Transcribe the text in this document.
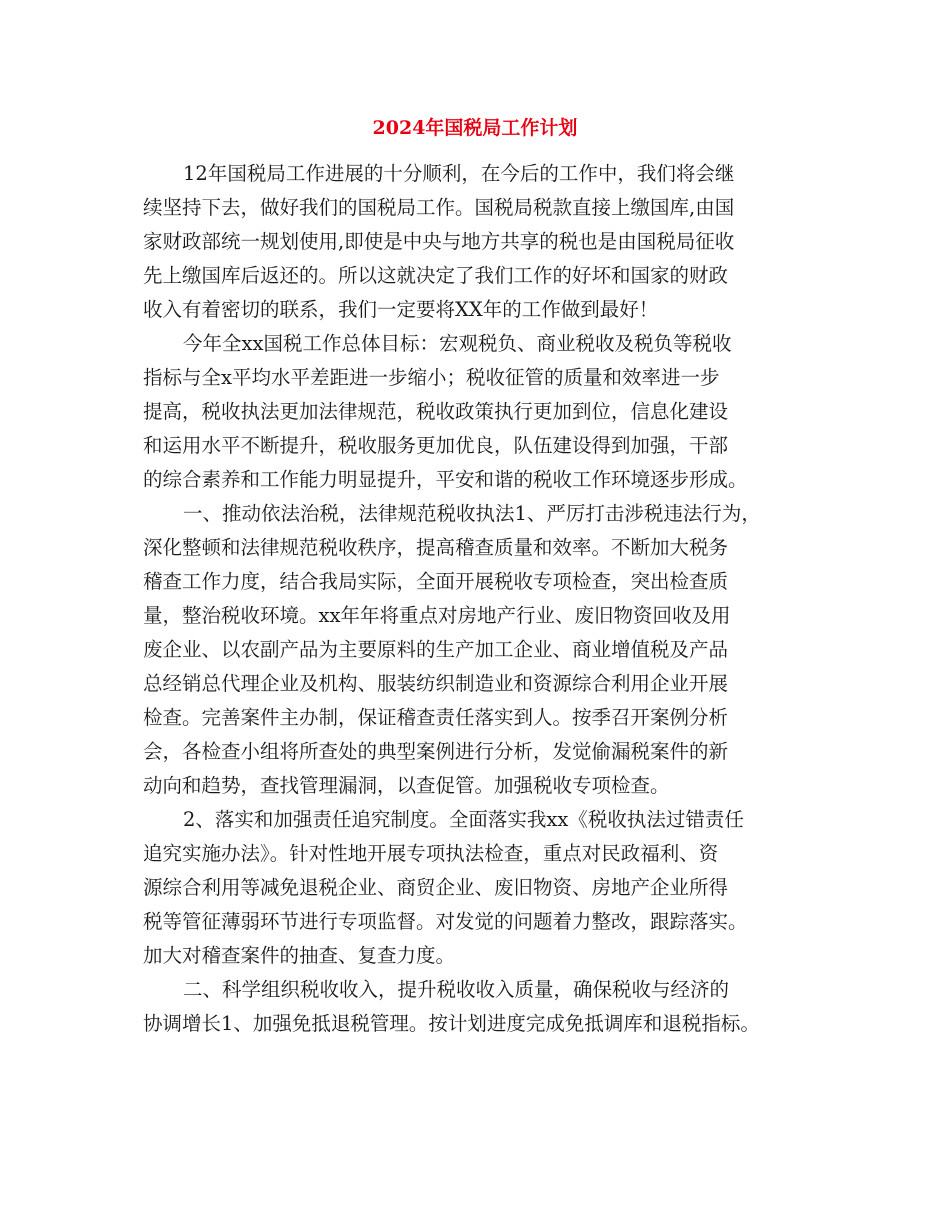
2024年国税局工作计划
12年国税局工作进展的十分顺利，在今后的工作中，我们将会继
续坚持下去，做好我们的国税局工作。国税局税款直接上缴国库,由国
家财政部统一规划使用,即使是中央与地方共享的税也是由国税局征收
先上缴国库后返还的。所以这就决定了我们工作的好坏和国家的财政
收入有着密切的联系，我们一定要将XX年的工作做到最好！
今年全xx国税工作总体目标：宏观税负、商业税收及税负等税收
指标与全x平均水平差距进一步缩小；税收征管的质量和效率进一步
提高，税收执法更加法律规范，税收政策执行更加到位，信息化建设
和运用水平不断提升，税收服务更加优良，队伍建设得到加强，干部
的综合素养和工作能力明显提升，平安和谐的税收工作环境逐步形成。
一、推动依法治税，法律规范税收执法1、严厉打击涉税违法行为，
深化整顿和法律规范税收秩序，提高稽查质量和效率。不断加大税务
稽查工作力度，结合我局实际，全面开展税收专项检查，突出检查质
量，整治税收环境。xx年年将重点对房地产行业、废旧物资回收及用
废企业、以农副产品为主要原料的生产加工企业、商业增值税及产品
总经销总代理企业及机构、服装纺织制造业和资源综合利用企业开展
检查。完善案件主办制，保证稽查责任落实到人。按季召开案例分析
会，各检查小组将所查处的典型案例进行分析，发觉偷漏税案件的新
动向和趋势，查找管理漏洞，以查促管。加强税收专项检查。
2、落实和加强责任追究制度。全面落实我xx《税收执法过错责任
追究实施办法》。针对性地开展专项执法检查，重点对民政福利、资
源综合利用等减免退税企业、商贸企业、废旧物资、房地产企业所得
税等管征薄弱环节进行专项监督。对发觉的问题着力整改，跟踪落实。
加大对稽查案件的抽查、复查力度。
二、科学组织税收收入，提升税收收入质量，确保税收与经济的
协调增长1、加强免抵退税管理。按计划进度完成免抵调库和退税指标。
